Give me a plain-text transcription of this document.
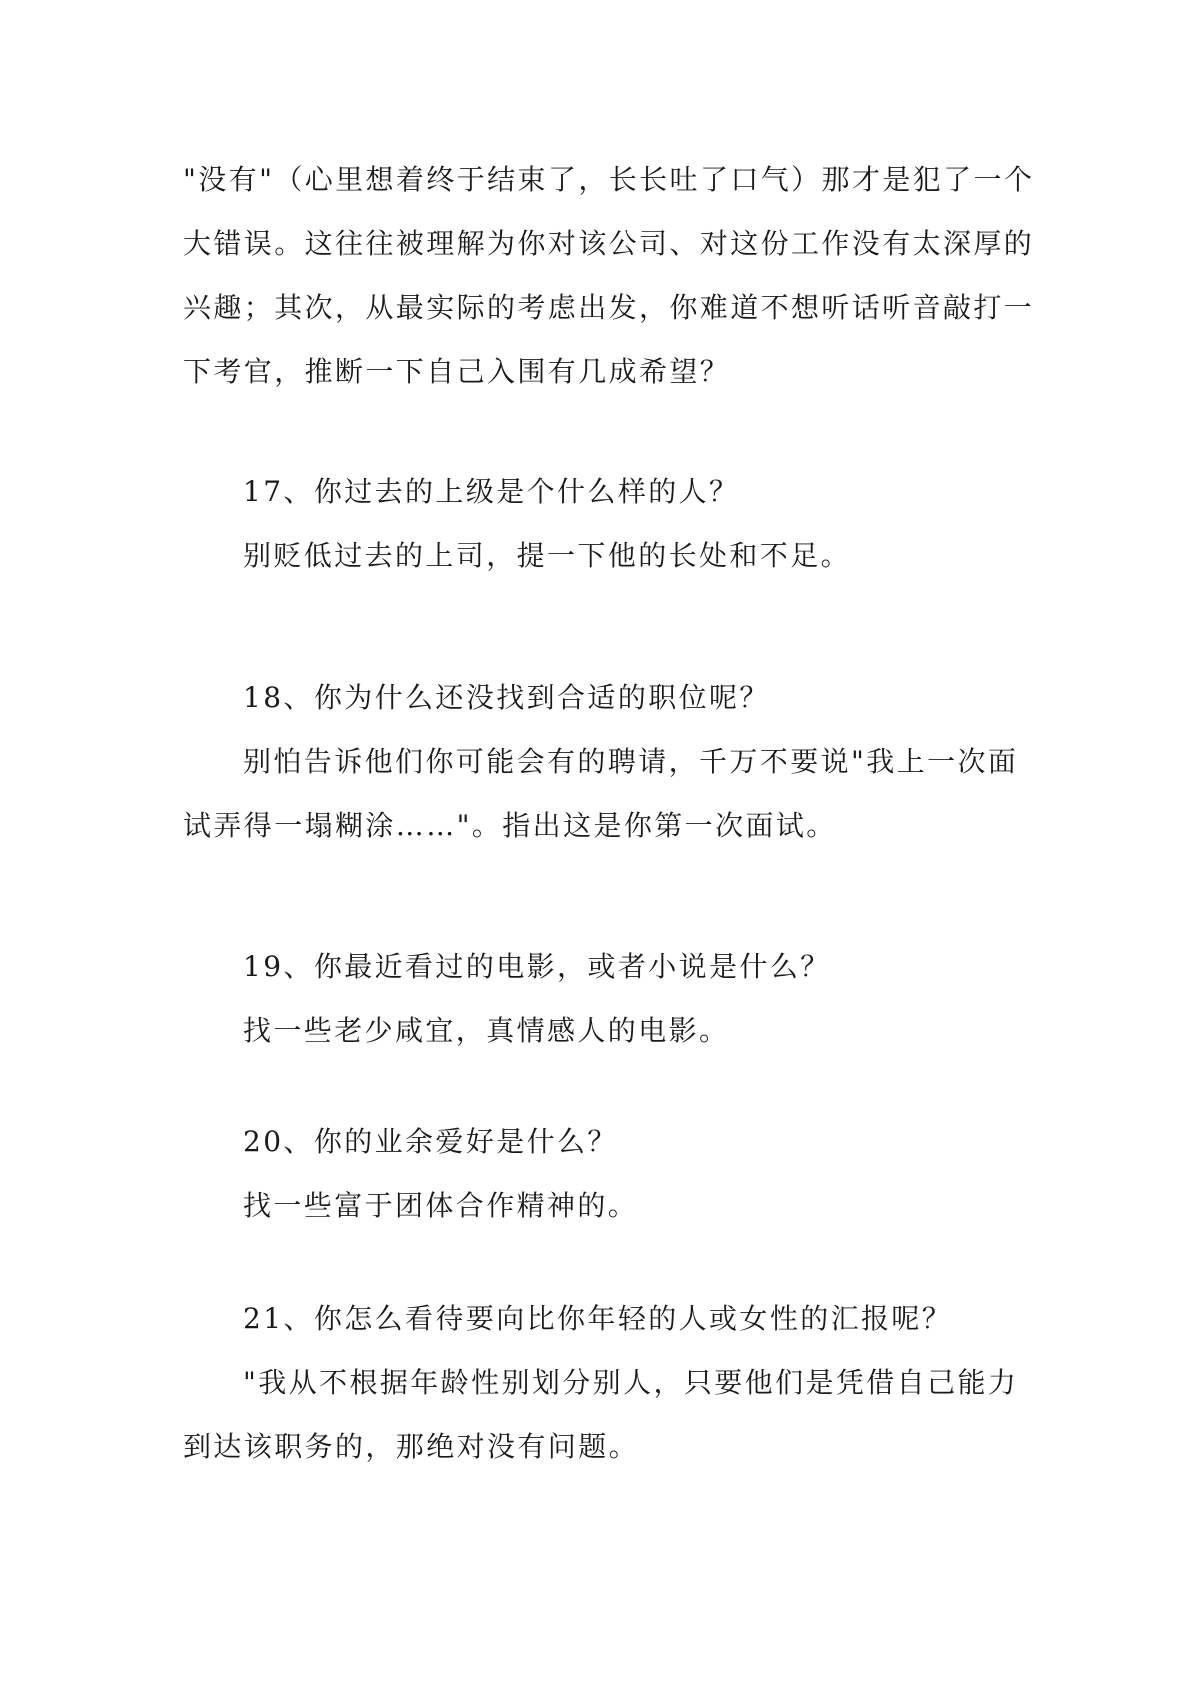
"没有"（心里想着终于结束了，长长吐了口气）那才是犯了一个
大错误。这往往被理解为你对该公司、对这份工作没有太深厚的
兴趣；其次，从最实际的考虑出发，你难道不想听话听音敲打一
下考官，推断一下自己入围有几成希望？
17、你过去的上级是个什么样的人？
别贬低过去的上司，提一下他的长处和不足。
18、你为什么还没找到合适的职位呢？
别怕告诉他们你可能会有的聘请，千万不要说"我上一次面
试弄得一塌糊涂……"。指出这是你第一次面试。
19、你最近看过的电影，或者小说是什么？
找一些老少咸宜，真情感人的电影。
20、你的业余爱好是什么？
找一些富于团体合作精神的。
21、你怎么看待要向比你年轻的人或女性的汇报呢？
"我从不根据年龄性别划分别人，只要他们是凭借自己能力
到达该职务的，那绝对没有问题。
